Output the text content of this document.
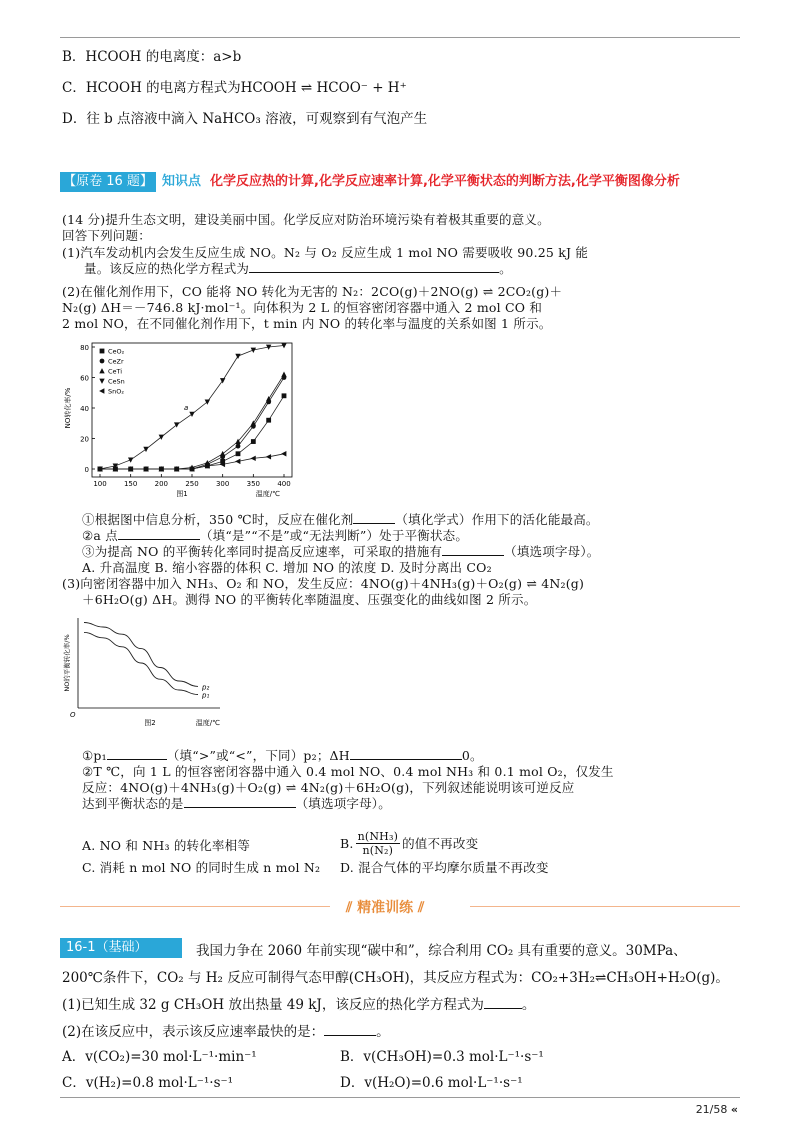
B．HCOOH 的电离度：a>b
C．HCOOH 的电离方程式为HCOOH ⇌ HCOO⁻ + H⁺
D．往 b 点溶液中滴入 NaHCO₃ 溶液，可观察到有气泡产生
【原卷 16 题】 知识点 化学反应热的计算,化学反应速率计算,化学平衡状态的判断方法,化学平衡图像分析
(14 分)提升生态文明，建设美丽中国。化学反应对防治环境污染有着极其重要的意义。
回答下列问题：
(1)汽车发动机内会发生反应生成 NO。N₂ 与 O₂ 反应生成 1 mol NO 需要吸收 90.25 kJ 能
量。该反应的热化学方程式为	。
(2)在催化剂作用下，CO 能将 NO 转化为无害的 N₂：2CO(g)＋2NO(g) ⇌ 2CO₂(g)＋
N₂(g) ΔH＝－746.8 kJ·mol⁻¹。向体积为 2 L 的恒容密闭容器中通入 2 mol CO 和
2 mol NO，在不同催化剂作用下，t min 内 NO 的转化率与温度的关系如图 1 所示。
0
20
40
60
80
100 150 200 250 300 350 400
NO转化率/%
图1	温度/℃
CeO₂
CeZr
CeTi
CeSn
SnO₂
a
①根据图中信息分析，350 ℃时，反应在催化剂	（填化学式）作用下的活化能最高。
②a 点	（填“是”“不是”或“无法判断”）处于平衡状态。
③为提高 NO 的平衡转化率同时提高反应速率，可采取的措施有	（填选项字母）。
A. 升高温度 B. 缩小容器的体积 C. 增加 NO 的浓度 D. 及时分离出 CO₂
(3)向密闭容器中加入 NH₃、O₂ 和 NO，发生反应：4NO(g)＋4NH₃(g)＋O₂(g) ⇌ 4N₂(g)
＋6H₂O(g) ΔH。测得 NO 的平衡转化率随温度、压强变化的曲线如图 2 所示。
NO的平衡转化率/%
O
图2	温度/℃
p₂
p₁
①p₁	（填“>”或“<”，下同）p₂；ΔH	0。
②T ℃，向 1 L 的恒容密闭容器中通入 0.4 mol NO、0.4 mol NH₃ 和 0.1 mol O₂，仅发生
反应：4NO(g)＋4NH₃(g)＋O₂(g) ⇌ 4N₂(g)＋6H₂O(g)，下列叙述能说明该可逆反应
达到平衡状态的是	（填选项字母）。
A. NO 和 NH₃ 的转化率相等	B. n(NH₃)
n(N₂) 的值不再改变
C. 消耗 n mol NO 的同时生成 n mol N₂ D. 混合气体的平均摩尔质量不再改变
⫽ 精准训练 ⫽
16-1（基础）	我国力争在 2060 年前实现“碳中和”，综合利用 CO₂ 具有重要的意义。30MPa、
200℃条件下，CO₂ 与 H₂ 反应可制得气态甲醇(CH₃OH)，其反应方程式为：CO₂+3H₂⇌CH₃OH+H₂O(g)。
(1)已知生成 32 g CH₃OH 放出热量 49 kJ，该反应的热化学方程式为	。
(2)在该反应中，表示该反应速率最快的是：	。
A．v(CO₂)=30 mol·L⁻¹·min⁻¹	B．v(CH₃OH)=0.3 mol·L⁻¹·s⁻¹
C．v(H₂)=0.8 mol·L⁻¹·s⁻¹	D．v(H₂O)=0.6 mol·L⁻¹·s⁻¹
21/58 «
